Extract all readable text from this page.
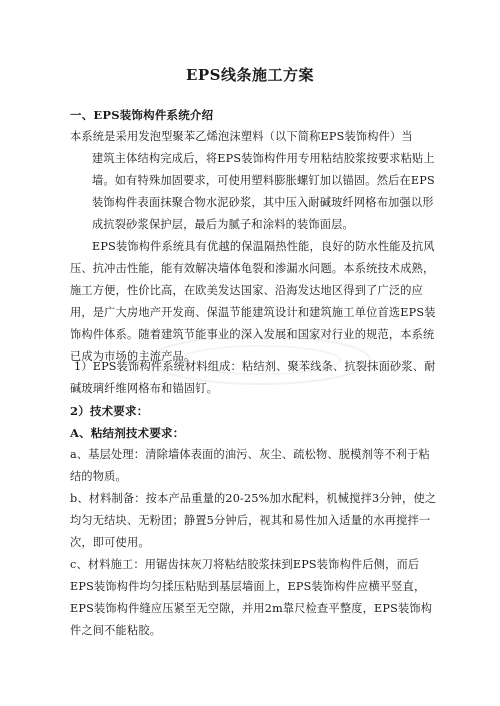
EPS线条施工方案
一、EPS装饰构件系统介绍
本系统是采用发泡型聚苯乙烯泡沫塑料（以下简称EPS装饰构件）当
建筑主体结构完成后，将EPS装饰构件用专用粘结胶浆按要求粘贴上墙。如有特殊加固要求，可使用塑料膨胀螺钉加以锚固。然后在EPS装饰构件表面抹聚合物水泥砂浆，其中压入耐碱玻纤网格布加强以形成抗裂砂浆保护层，最后为腻子和涂料的装饰面层。
EPS装饰构件系统具有优越的保温隔热性能，良好的防水性能及抗风压、抗冲击性能，能有效解决墙体龟裂和渗漏水问题。本系统技术成熟，施工方便，性价比高，在欧美发达国家、沿海发达地区得到了广泛的应用，是广大房地产开发商、保温节能建筑设计和建筑施工单位首选EPS装饰构件体系。随着建筑节能事业的深入发展和国家对行业的规范，本系统已成为市场的主流产品。
1）EPS装饰构件系统材料组成：粘结剂、聚苯线条、抗裂抹面砂浆、耐碱玻璃纤维网格布和锚固钉。
2）技术要求：
A、粘结剂技术要求：
a、基层处理：清除墙体表面的油污、灰尘、疏松物、脱模剂等不利于粘结的物质。
b、材料制备：按本产品重量的20-25%加水配料，机械搅拌3分钟，使之均匀无结块、无粉团；静置5分钟后，视其和易性加入适量的水再搅拌一次，即可使用。
c、材料施工：用锯齿抹灰刀将粘结胶浆抹到EPS装饰构件后侧，而后EPS装饰构件均匀揉压粘贴到基层墙面上，EPS装饰构件应横平竖直，EPS装饰构件缝应压紧至无空隙，并用2m靠尺检查平整度，EPS装饰构件之间不能粘胶。
